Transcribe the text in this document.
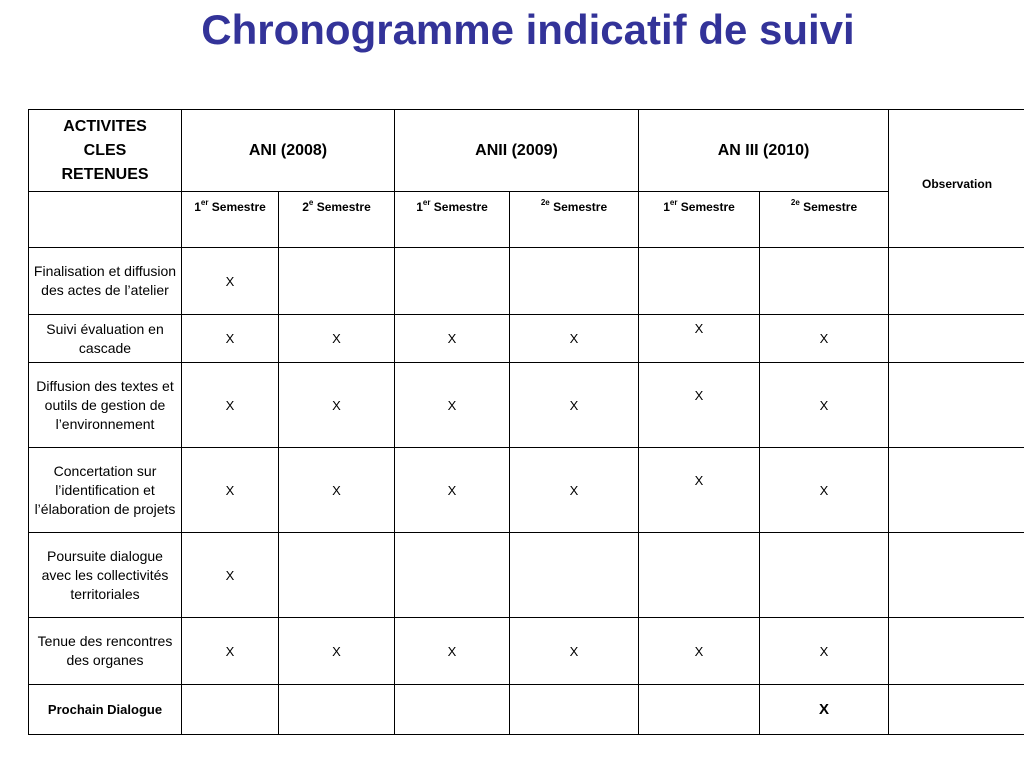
Chronogramme indicatif de suivi
ACTIVITES
CLES
RETENUES	ANI (2008)		ANII (2009)		AN III (2010)		Observation
	1er Semestre	2e Semestre	1er Semestre	$^{2e}$ Semestre	1er Semestre	$^{2e}$ Semestre	
Finalisation et diffusion des actes de l’atelier	X						
Suivi évaluation en cascade	X	X	X	X	X	X	
Diffusion des textes et outils de gestion de l’environnement	X	X	X	X	X	X	
Concertation sur l’identification et l’élaboration de projets	X	X	X	X	X	X	
Poursuite dialogue avec les collectivités territoriales	X						
Tenue des rencontres des organes	X	X	X	X	X	X	
Prochain Dialogue						X	
